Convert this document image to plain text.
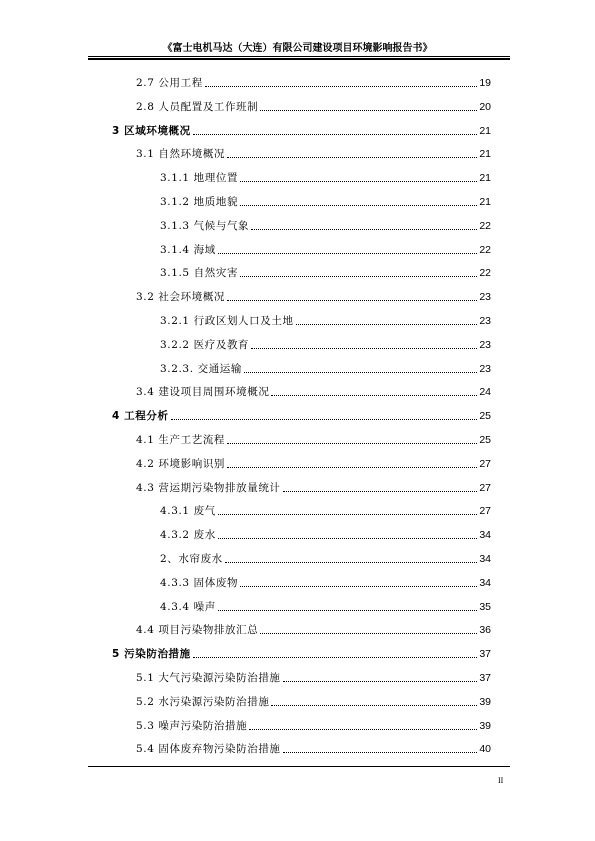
《富士电机马达（大连）有限公司建设项目环境影响报告书》
2.7 公用工程	19
2.8 人员配置及工作班制	20
3 区域环境概况	21
3.1 自然环境概况	21
3.1.1 地理位置	21
3.1.2 地质地貌	21
3.1.3 气候与气象	22
3.1.4 海域	22
3.1.5 自然灾害	22
3.2 社会环境概况	23
3.2.1 行政区划人口及土地	23
3.2.2 医疗及教育	23
3.2.3. 交通运输	23
3.4 建设项目周围环境概况	24
4 工程分析	25
4.1 生产工艺流程	25
4.2 环境影响识别	27
4.3 营运期污染物排放量统计	27
4.3.1 废气	27
4.3.2 废水	34
2、水帘废水	34
4.3.3 固体废物	34
4.3.4 噪声	35
4.4 项目污染物排放汇总	36
5 污染防治措施	37
5.1 大气污染源污染防治措施	37
5.2 水污染源污染防治措施	39
5.3 噪声污染防治措施	39
5.4 固体废弃物污染防治措施	40
II
